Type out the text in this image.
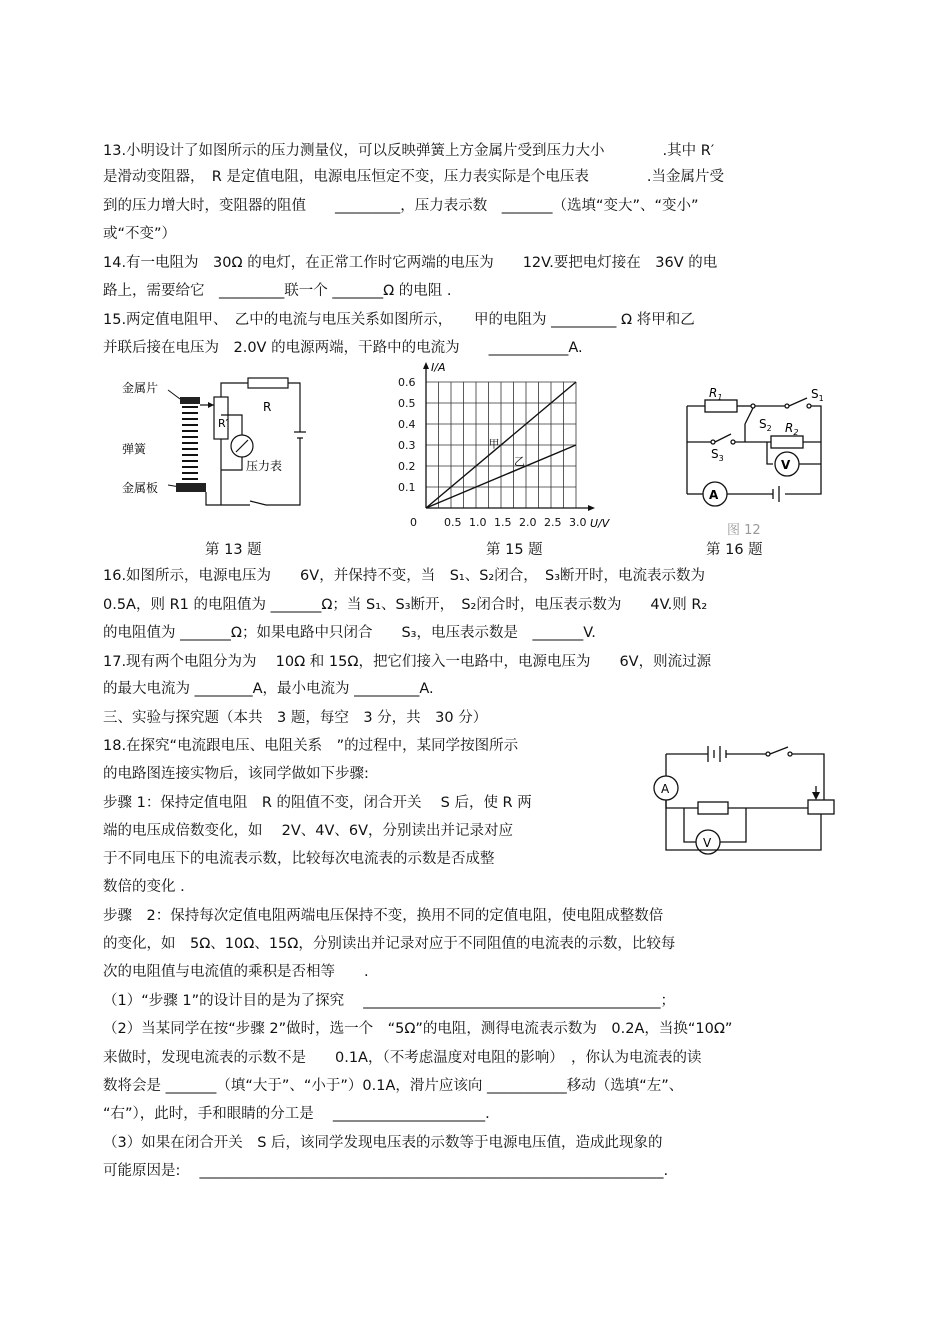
13.小明设计了如图所示的压力测量仪，可以反映弹簧上方金属片受到压力大小　　　　.其中 R′
是滑动变阻器，　R 是定值电阻，电源电压恒定不变，压力表实际是个电压表　　　　.当金属片受
到的压力增大时，变阻器的阻值　　_________，压力表示数　_______（选填“变大”、“变小”
或“不变”）
14.有一电阻为　30Ω 的电灯，在正常工作时它两端的电压为　　12V.要把电灯接在　36V 的电
路上，需要给它　_________联一个 _______Ω 的电阻 .
15.两定值电阻甲、　乙中的电流与电压关系如图所示，　　甲的电阻为 _________ Ω 将甲和乙
并联后接在电压为　2.0V 的电源两端，干路中的电流为　　___________A.
金属片
弹簧
金属板
R′
R
压力表
甲
乙
0.1
0.2
0.3
0.4
0.5
0.6
0 0.5 1.0 1.5 2.0 2.5 3.0
I/A
U/V
$R_1$	$S_1$
$S_2$ $R_2$
$S_3$	V
A
图 12
第 13 题	第 15 题	第 16 题
16.如图所示，电源电压为　　6V，并保持不变，当　S₁、S₂闭合，　S₃断开时，电流表示数为
0.5A，则 R1 的电阻值为 _______Ω；当 S₁、S₃断开，　S₂闭合时，电压表示数为　　4V.则 R₂
的电阻值为 _______Ω；如果电路中只闭合　　S₃，电压表示数是　_______V.
17.现有两个电阻分为为　 10Ω 和 15Ω，把它们接入一电路中，电源电压为　　6V，则流过源
的最大电流为 ________A，最小电流为 _________A.
三、实验与探究题（本共　3 题，每空　3 分，共　30 分）
18.在探究“电流跟电压、电阻关系　”的过程中，某同学按图所示
的电路图连接实物后，该同学做如下步骤:
步骤 1：保持定值电阻　R 的阻值不变，闭合开关　 S 后，使 R 两
端的电压成倍数变化，如　 2V、4V、6V，分别读出并记录对应
于不同电压下的电流表示数，比较每次电流表的示数是否成整
数倍的变化 .
A
V
步骤　2：保持每次定值电阻两端电压保持不变，换用不同的定值电阻，使电阻成整数倍
的变化，如　5Ω、10Ω、15Ω，分别读出并记录对应于不同阻值的电流表的示数，比较每
次的电阻值与电流值的乘积是否相等　　.
（1）“步骤 1”的设计目的是为了探究　 _________________________________________；
（2）当某同学在按“步骤 2”做时，选一个　“5Ω”的电阻，测得电流表示数为　0.2A，当换“10Ω”
来做时，发现电流表的示数不是　　0.1A，（不考虑温度对电阻的影响）　，你认为电流表的读
数将会是 _______（填“大于”、“小于”）0.1A，滑片应该向 ___________移动（选填“左”、
“右”），此时，手和眼睛的分工是　 _____________________.
（3）如果在闭合开关　S 后，该同学发现电压表的示数等于电源电压值，造成此现象的
可能原因是:　 ________________________________________________________________.
